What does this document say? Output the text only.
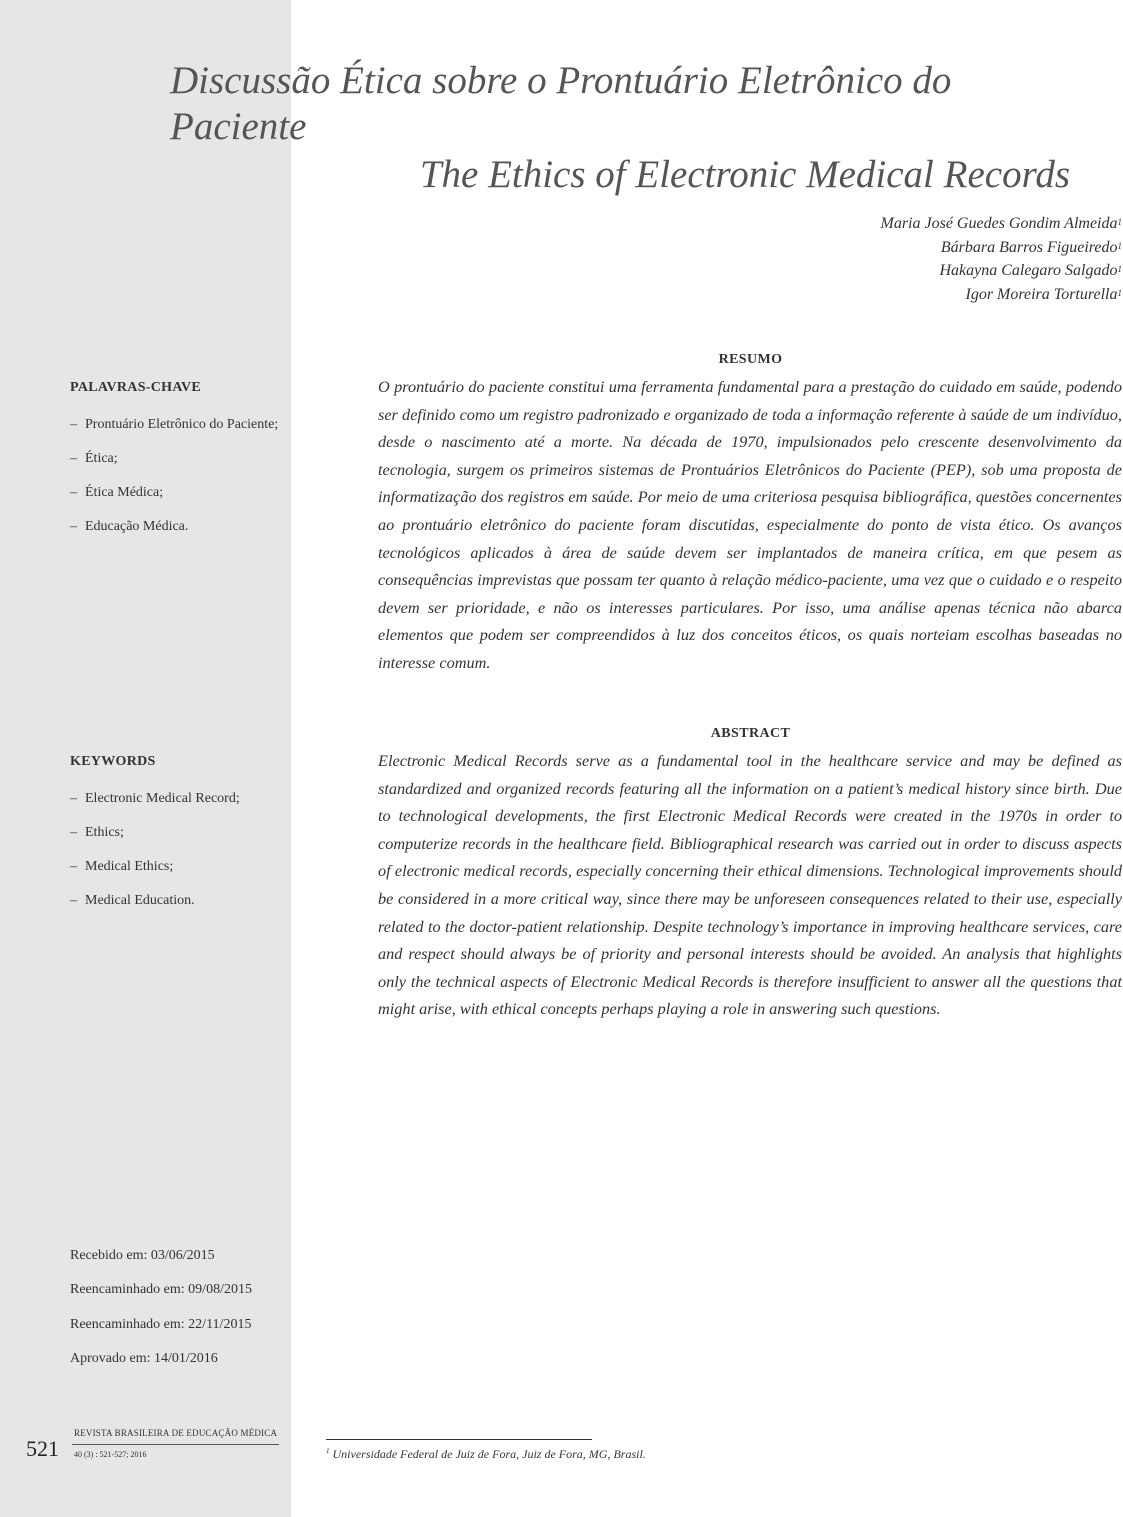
Discussão Ética sobre o Prontuário Eletrônico do Paciente
The Ethics of Electronic Medical Records
Maria José Guedes Gondim Almeida$^1$
Bárbara Barros Figueiredo$^1$
Hakayna Calegaro Salgado$^1$
Igor Moreira Torturella$^1$
PALAVRAS-CHAVE
– Prontuário Eletrônico do Paciente;
– Ética;
– Ética Médica;
– Educação Médica.
KEYWORDS
– Electronic Medical Record;
– Ethics;
– Medical Ethics;
– Medical Education.
RESUMO

O prontuário do paciente constitui uma ferramenta fundamental para a prestação do cuidado em saúde, podendo ser definido como um registro padronizado e organizado de toda a informação referente à saúde de um indivíduo, desde o nascimento até a morte. Na década de 1970, impulsionados pelo crescente desenvolvimento da tecnologia, surgem os primeiros sistemas de Prontuários Eletrônicos do Paciente (PEP), sob uma proposta de informatização dos registros em saúde. Por meio de uma criteriosa pesquisa bibliográfica, questões concernentes ao prontuário eletrônico do paciente foram discutidas, especialmente do ponto de vista ético. Os avanços tecnológicos aplicados à área de saúde devem ser implantados de maneira crítica, em que pesem as consequências imprevistas que possam ter quanto à relação médico-paciente, uma vez que o cuidado e o respeito devem ser prioridade, e não os interesses particulares. Por isso, uma análise apenas técnica não abarca elementos que podem ser compreendidos à luz dos conceitos éticos, os quais norteiam escolhas baseadas no interesse comum.

ABSTRACT

Electronic Medical Records serve as a fundamental tool in the healthcare service and may be defined as standardized and organized records featuring all the information on a patient’s medical history since birth. Due to technological developments, the first Electronic Medical Records were created in the 1970s in order to computerize records in the healthcare field. Bibliographical research was carried out in order to discuss aspects of electronic medical records, especially concerning their ethical dimensions. Technological improvements should be considered in a more critical way, since there may be unforeseen consequences related to their use, especially related to the doctor-patient relationship. Despite technology’s importance in improving healthcare services, care and respect should always be of priority and personal interests should be avoided. An analysis that highlights only the technical aspects of Electronic Medical Records is therefore insufficient to answer all the questions that might arise, with ethical concepts perhaps playing a role in answering such questions.

Recebido em: 03/06/2015
Reencaminhado em: 09/08/2015
Reencaminhado em: 22/11/2015
Aprovado em: 14/01/2016
521
REVISTA BRASILEIRA DE EDUCAÇÃO MÉDICA
40 (3) : 521-527; 2016	$^1$ Universidade Federal de Juiz de Fora, Juiz de Fora, MG, Brasil.
